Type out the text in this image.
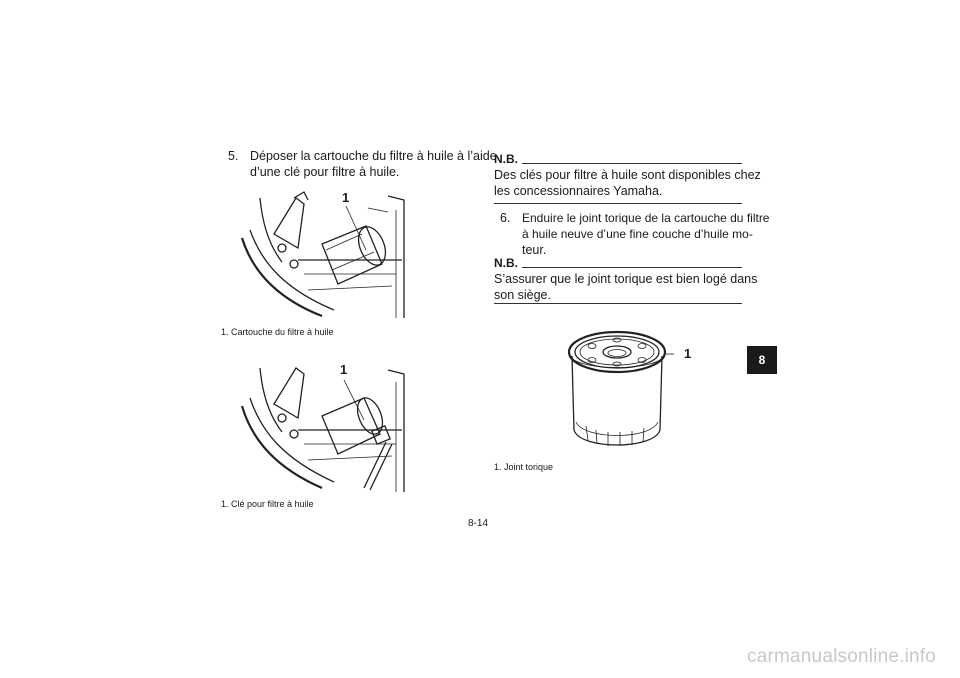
5. Déposer la cartouche du filtre à huile à l’aide
d’une clé pour filtre à huile.
1
1. Cartouche du filtre à huile
1
1. Clé pour filtre à huile
N.B.
Des clés pour filtre à huile sont disponibles chez
les concessionnaires Yamaha.
6. Enduire le joint torique de la cartouche du filtre
à huile neuve d’une fine couche d’huile mo-
teur.
N.B.
S’assurer que le joint torique est bien logé dans
son siège.
1
1. Joint torique
8
8-14
carmanualsonline.info
